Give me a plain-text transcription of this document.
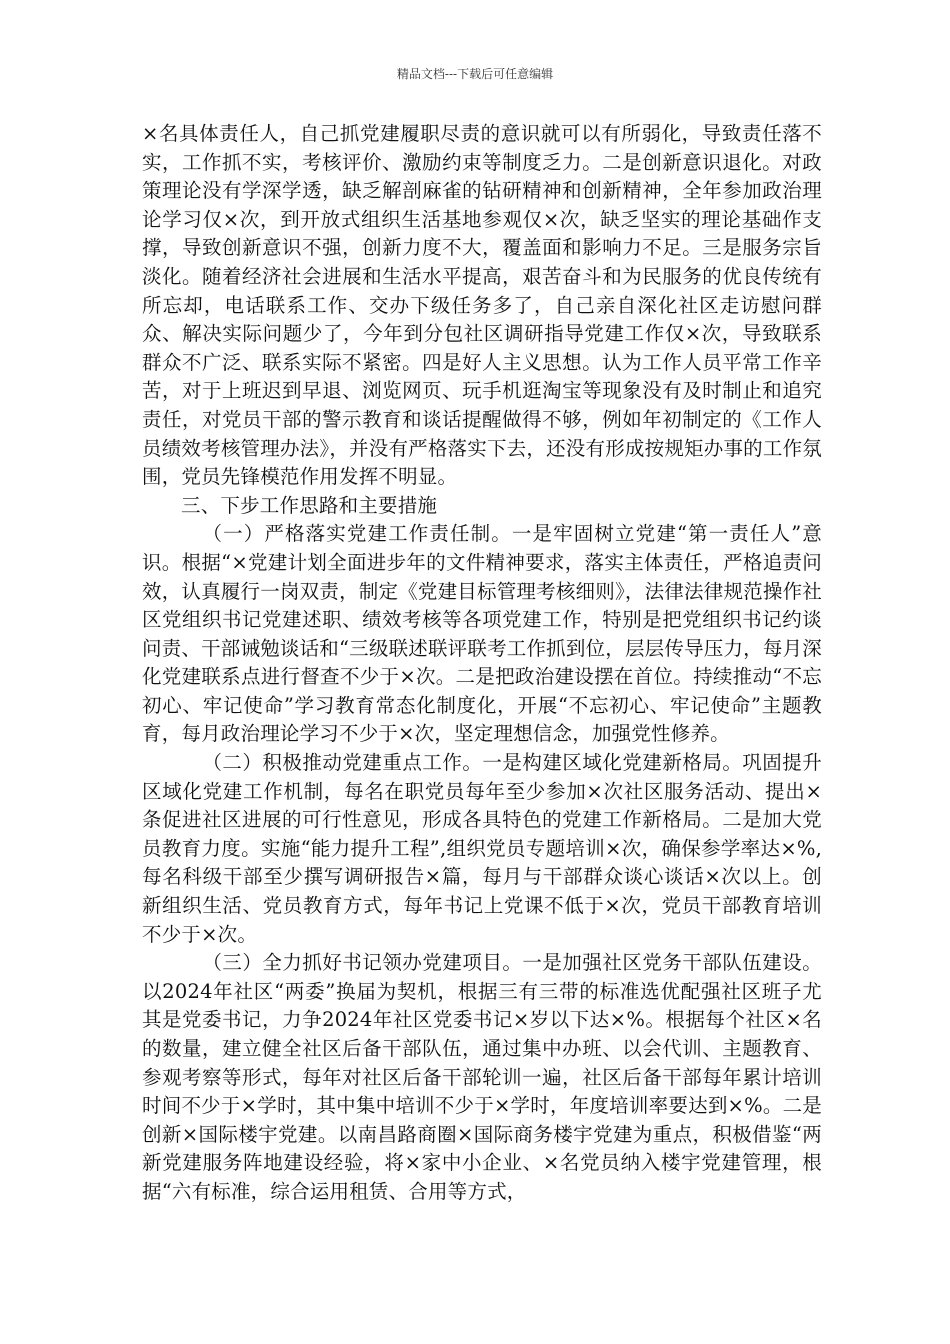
精品文档---下载后可任意编辑

×名具体责任人，自己抓党建履职尽责的意识就可以有所弱化，导致责任落不实，工作抓不实，考核评价、激励约束等制度乏力。二是创新意识退化。对政策理论没有学深学透，缺乏解剖麻雀的钻研精神和创新精神，全年参加政治理论学习仅×次，到开放式组织生活基地参观仅×次，缺乏坚实的理论基础作支撑，导致创新意识不强，创新力度不大，覆盖面和影响力不足。三是服务宗旨淡化。随着经济社会进展和生活水平提高，艰苦奋斗和为民服务的优良传统有所忘却，电话联系工作、交办下级任务多了，自己亲自深化社区走访慰问群众、解决实际问题少了，今年到分包社区调研指导党建工作仅×次，导致联系群众不广泛、联系实际不紧密。四是好人主义思想。认为工作人员平常工作辛苦，对于上班迟到早退、浏览网页、玩手机逛淘宝等现象没有及时制止和追究责任，对党员干部的警示教育和谈话提醒做得不够，例如年初制定的《工作人员绩效考核管理办法》，并没有严格落实下去，还没有形成按规矩办事的工作氛围，党员先锋模范作用发挥不明显。

三、下步工作思路和主要措施

（一）严格落实党建工作责任制。一是牢固树立党建“第一责任人”意识。根据“×党建计划全面进步年的文件精神要求，落实主体责任，严格追责问效，认真履行一岗双责，制定《党建目标管理考核细则》，法律法律规范操作社区党组织书记党建述职、绩效考核等各项党建工作，特别是把党组织书记约谈问责、干部诫勉谈话和“三级联述联评联考工作抓到位，层层传导压力，每月深化党建联系点进行督查不少于×次。二是把政治建设摆在首位。持续推动“不忘初心、牢记使命”学习教育常态化制度化，开展“不忘初心、牢记使命”主题教育，每月政治理论学习不少于×次，坚定理想信念，加强党性修养。

（二）积极推动党建重点工作。一是构建区域化党建新格局。巩固提升区域化党建工作机制，每名在职党员每年至少参加×次社区服务活动、提出×条促进社区进展的可行性意见，形成各具特色的党建工作新格局。二是加大党员教育力度。实施“能力提升工程”,组织党员专题培训×次，确保参学率达×%,每名科级干部至少撰写调研报告×篇，每月与干部群众谈心谈话×次以上。创新组织生活、党员教育方式，每年书记上党课不低于×次，党员干部教育培训不少于×次。

（三）全力抓好书记领办党建项目。一是加强社区党务干部队伍建设。以2024年社区“两委”换届为契机，根据三有三带的标准选优配强社区班子尤其是党委书记，力争2024年社区党委书记×岁以下达×%。根据每个社区×名的数量，建立健全社区后备干部队伍，通过集中办班、以会代训、主题教育、参观考察等形式，每年对社区后备干部轮训一遍，社区后备干部每年累计培训时间不少于×学时，其中集中培训不少于×学时，年度培训率要达到×%。二是创新×国际楼宇党建。以南昌路商圈×国际商务楼宇党建为重点，积极借鉴“两新党建服务阵地建设经验，将×家中小企业、×名党员纳入楼宇党建管理，根据“六有标准，综合运用租赁、合用等方式，
